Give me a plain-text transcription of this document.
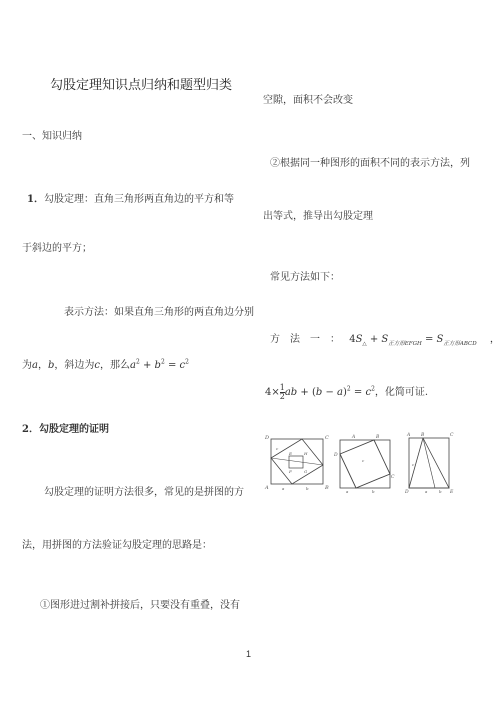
勾股定理知识点归纳和题型归类
一、知识归纳
1．勾股定理：直角三角形两直角边的平方和等
于斜边的平方；
表示方法：如果直角三角形的两直角边分别
为a，b，斜边为c，那么$a^2 + b^2 = c^2$
2．勾股定理的证明
勾股定理的证明方法很多，常见的是拼图的方
法，用拼图的方法验证勾股定理的思路是：
①图形进过割补拼接后，只要没有重叠，没有
空隙，面积不会改变
②根据同一种图形的面积不同的表示方法，列
出等式，推导出勾股定理
常见方法如下：
方　法　一　： $4S_\triangle + S_{正方形EFGH} = S_{正方形ABCD}$ ，
$4\times \frac{1}{2}$ ab + $(b - a)^2 = c^2$，化简可证.
D	C
A	B
E	H
F	G
a	b
c
A	B
C
D
a	b
c
A B	C
D	E
a	b
c
1
